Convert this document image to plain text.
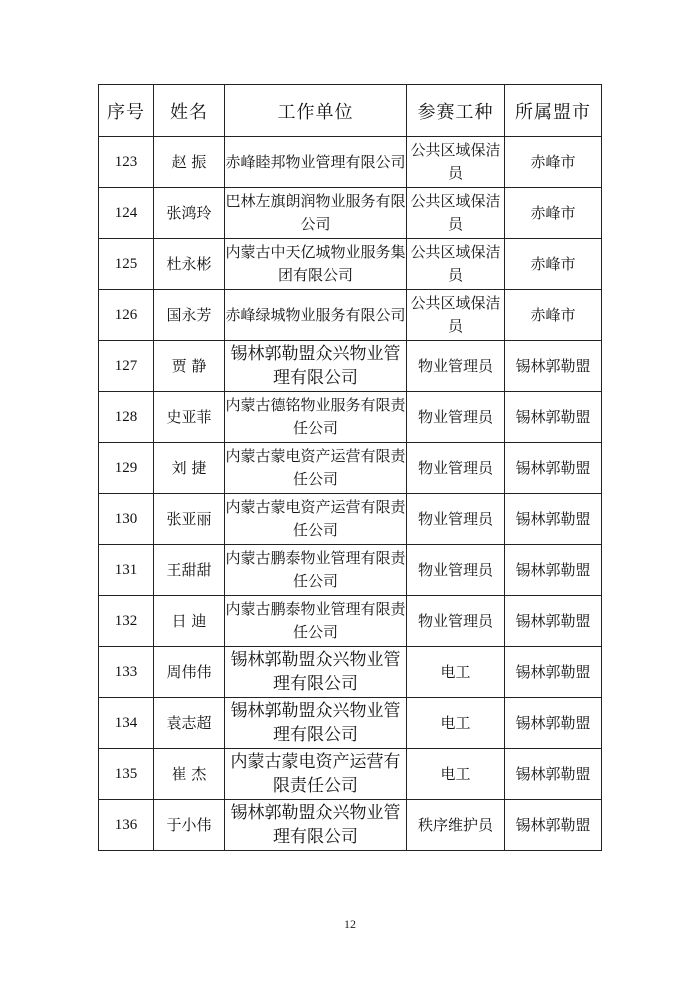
序号	姓名	工作单位	参赛工种	所属盟市
123	赵 振	赤峰睦邦物业管理有限公司	公共区域保洁员	赤峰市
124	张鸿玲	巴林左旗朗润物业服务有限公司	公共区域保洁员	赤峰市
125	杜永彬	内蒙古中天亿城物业服务集团有限公司	公共区域保洁员	赤峰市
126	国永芳	赤峰绿城物业服务有限公司	公共区域保洁员	赤峰市
127	贾 静	锡林郭勒盟众兴物业管理有限公司	物业管理员	锡林郭勒盟
128	史亚菲	内蒙古德铭物业服务有限责任公司	物业管理员	锡林郭勒盟
129	刘 捷	内蒙古蒙电资产运营有限责任公司	物业管理员	锡林郭勒盟
130	张亚丽	内蒙古蒙电资产运营有限责任公司	物业管理员	锡林郭勒盟
131	王甜甜	内蒙古鹏泰物业管理有限责任公司	物业管理员	锡林郭勒盟
132	日 迪	内蒙古鹏泰物业管理有限责任公司	物业管理员	锡林郭勒盟
133	周伟伟	锡林郭勒盟众兴物业管理有限公司	电工	锡林郭勒盟
134	袁志超	锡林郭勒盟众兴物业管理有限公司	电工	锡林郭勒盟
135	崔 杰	内蒙古蒙电资产运营有限责任公司	电工	锡林郭勒盟
136	于小伟	锡林郭勒盟众兴物业管理有限公司	秩序维护员	锡林郭勒盟
12
